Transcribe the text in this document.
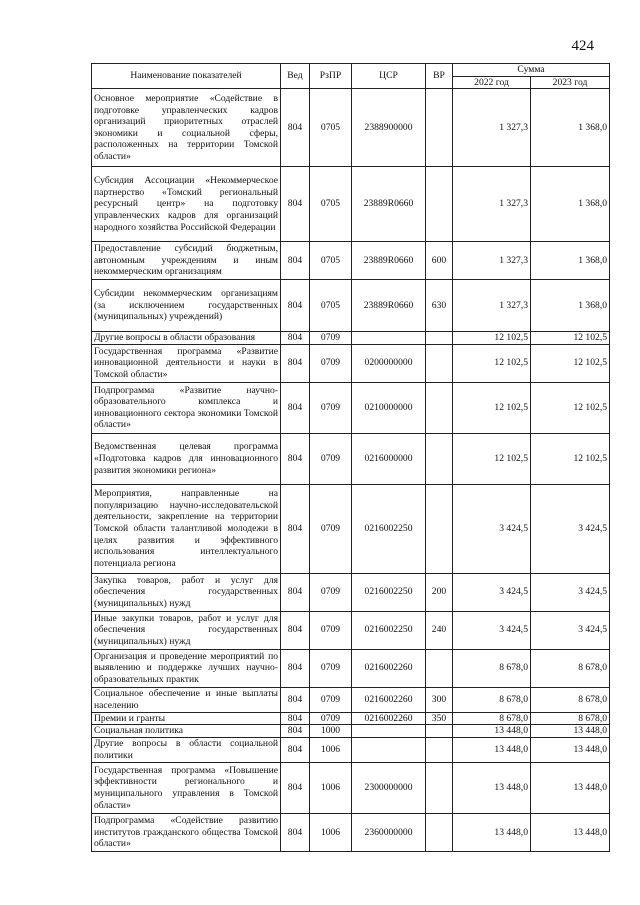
424
Наименование показателей	Вед	РзПР	ЦСР	ВР	Сумма	
					2022 год	2023 год
Основное мероприятие «Содействие в подготовке управленческих кадров организаций приоритетных отраслей экономики и социальной сферы, расположенных на территории Томской области»	804	0705	2388900000		1 327,3	1 368,0
Субсидия Ассоциации «Некоммерческое партнерство «Томский региональный ресурсный центр» на подготовку управленческих кадров для организаций народного хозяйства Российской Федерации	804	0705	23889R0660		1 327,3	1 368,0
Предоставление субсидий бюджетным, автономным учреждениям и иным некоммерческим организациям	804	0705	23889R0660	600	1 327,3	1 368,0
Субсидии некоммерческим организациям (за исключением государственных (муниципальных) учреждений)	804	0705	23889R0660	630	1 327,3	1 368,0
Другие вопросы в области образования	804	0709			12 102,5	12 102,5
Государственная программа «Развитие инновационной деятельности и науки в Томской области»	804	0709	0200000000		12 102,5	12 102,5
Подпрограмма «Развитие научно-образовательного комплекса и инновационного сектора экономики Томской области»	804	0709	0210000000		12 102,5	12 102,5
Ведомственная целевая программа «Подготовка кадров для инновационного развития экономики региона»	804	0709	0216000000		12 102,5	12 102,5
Мероприятия, направленные на популяризацию научно-исследовательской деятельности, закрепление на территории Томской области талантливой молодежи в целях развития и эффективного использования интеллектуального потенциала региона	804	0709	0216002250		3 424,5	3 424,5
Закупка товаров, работ и услуг для обеспечения государственных (муниципальных) нужд	804	0709	0216002250	200	3 424,5	3 424,5
Иные закупки товаров, работ и услуг для обеспечения государственных (муниципальных) нужд	804	0709	0216002250	240	3 424,5	3 424,5
Организация и проведение мероприятий по выявлению и поддержке лучших научно-образовательных практик	804	0709	0216002260		8 678,0	8 678,0
Социальное обеспечение и иные выплаты населению	804	0709	0216002260	300	8 678,0	8 678,0
Премии и гранты	804	0709	0216002260	350	8 678,0	8 678,0
Социальная политика	804	1000			13 448,0	13 448,0
Другие вопросы в области социальной политики	804	1006			13 448,0	13 448,0
Государственная программа «Повышение эффективности регионального и муниципального управления в Томской области»	804	1006	2300000000		13 448,0	13 448,0
Подпрограмма «Содействие развитию институтов гражданского общества Томской области»	804	1006	2360000000		13 448,0	13 448,0
